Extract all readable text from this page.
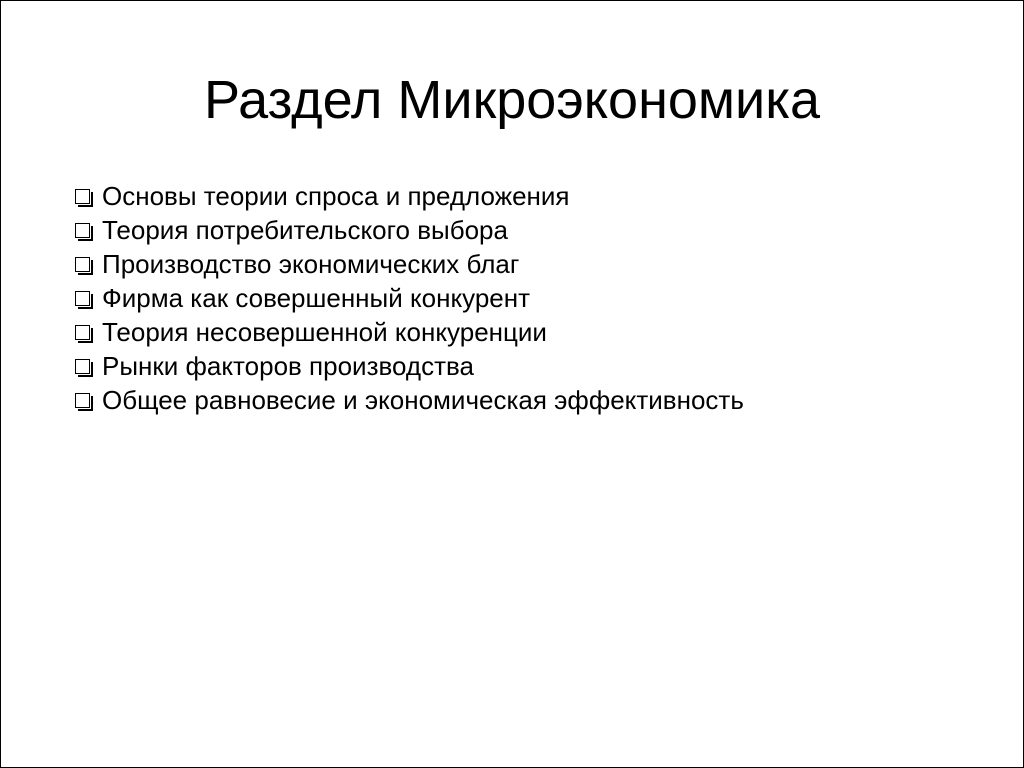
Раздел Микроэкономика
Основы теории спроса и предложения
Теория потребительского выбора
Производство экономических благ
Фирма как совершенный конкурент
Теория несовершенной конкуренции
Рынки факторов производства
Общее равновесие и экономическая эффективность
